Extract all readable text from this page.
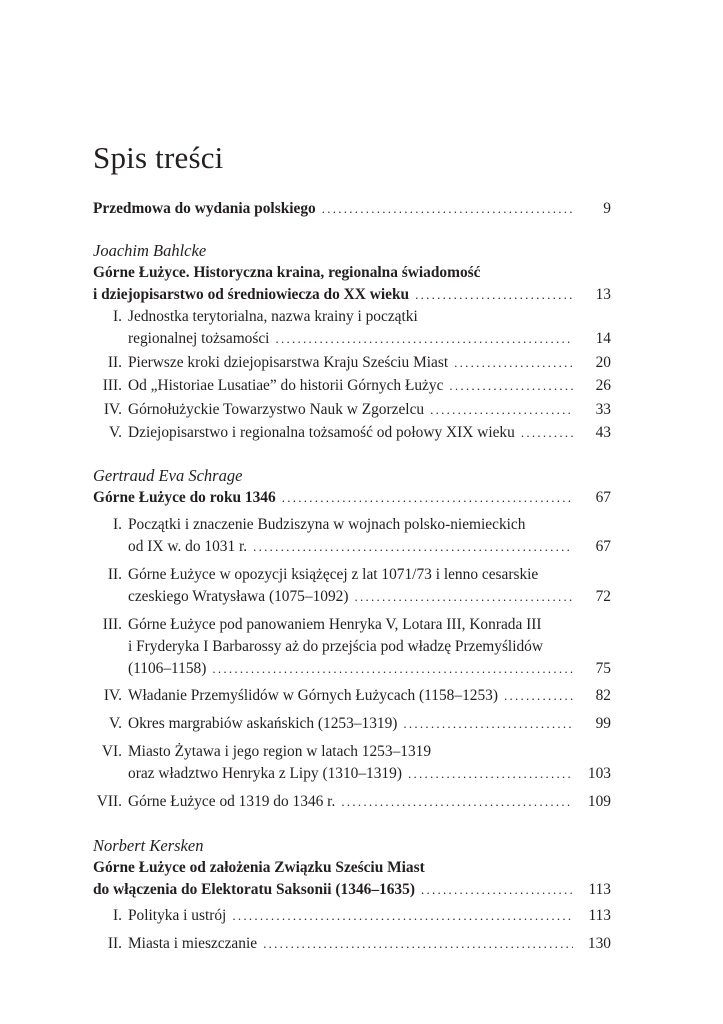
Spis treści
Przedmowa do wydania polskiego . . .	9
Joachim Bahlcke
Górne Łużyce. Historyczna kraina, regionalna świadomość
i dziejopisarstwo od średniowiecza do XX wieku . . .	13
I. Jednostka terytorialna, nazwa krainy i początki
regionalnej tożsamości . . .	14
II. Pierwsze kroki dziejopisarstwa Kraju Sześciu Miast . . .	20
III. Od „Historiae Lusatiae” do historii Górnych Łużyc . . .	26
IV. Górnołużyckie Towarzystwo Nauk w Zgorzelcu . . .	33
V. Dziejopisarstwo i regionalna tożsamość od połowy XIX wieku . . .	43
Gertraud Eva Schrage
Górne Łużyce do roku 1346 . . .	67
I. Początki i znaczenie Budziszyna w wojnach polsko-niemieckich
od IX w. do 1031 r. . . .	67
II. Górne Łużyce w opozycji książęcej z lat 1071/73 i lenno cesarskie
czeskiego Wratysława (1075–1092) . . .	72
III. Górne Łużyce pod panowaniem Henryka V, Lotara III, Konrada III
i Fryderyka I Barbarossy aż do przejścia pod władzę Przemyślidów
(1106–1158) . . .	75
IV. Władanie Przemyślidów w Górnych Łużycach (1158–1253) . . .	82
V. Okres margrabiów askańskich (1253–1319) . . .	99
VI. Miasto Żytawa i jego region w latach 1253–1319
oraz władztwo Henryka z Lipy (1310–1319) . . .	103
VII. Górne Łużyce od 1319 do 1346 r. . . .	109
Norbert Kersken
Górne Łużyce od założenia Związku Sześciu Miast
do włączenia do Elektoratu Saksonii (1346–1635) . . .	113
I. Polityka i ustrój . . .	113
II. Miasta i mieszczanie . . .	130
